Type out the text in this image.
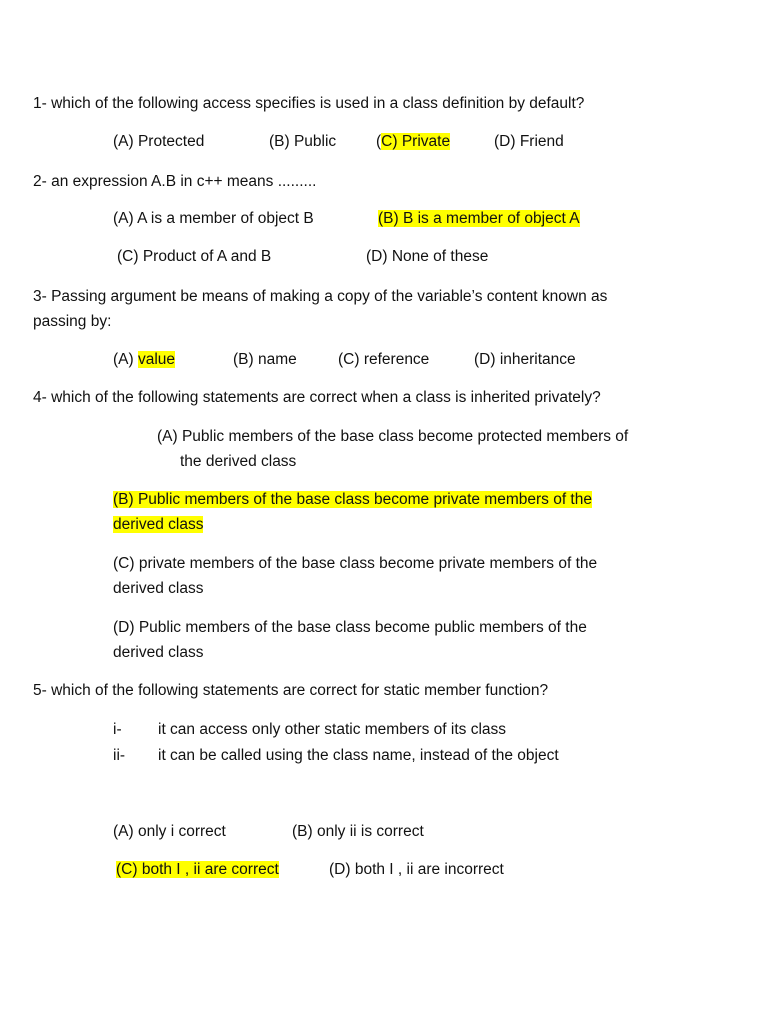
1- which of the following access specifies is used in a class definition by default?
(A) Protected	(B) Public	(C) Private	(D) Friend
2- an expression A.B in c++ means .........
(A) A is a member of object B	(B) B is a member of object A
(C) Product of A and B	(D) None of these
3- Passing argument be means of making a copy of the variable’s content known as
passing by:
(A) value	(B) name	(C) reference	(D) inheritance
4- which of the following statements are correct when a class is inherited privately?
(A) Public members of the base class become protected members of
the derived class
(B) Public members of the base class become private members of the
derived class
(C) private members of the base class become private members of the
derived class
(D) Public members of the base class become public members of the
derived class
5- which of the following statements are correct for static member function?
i- it can access only other static members of its class
ii- it can be called using the class name, instead of the object
(A) only i correct	(B) only ii is correct
(C) both I , ii are correct	(D) both I , ii are incorrect
